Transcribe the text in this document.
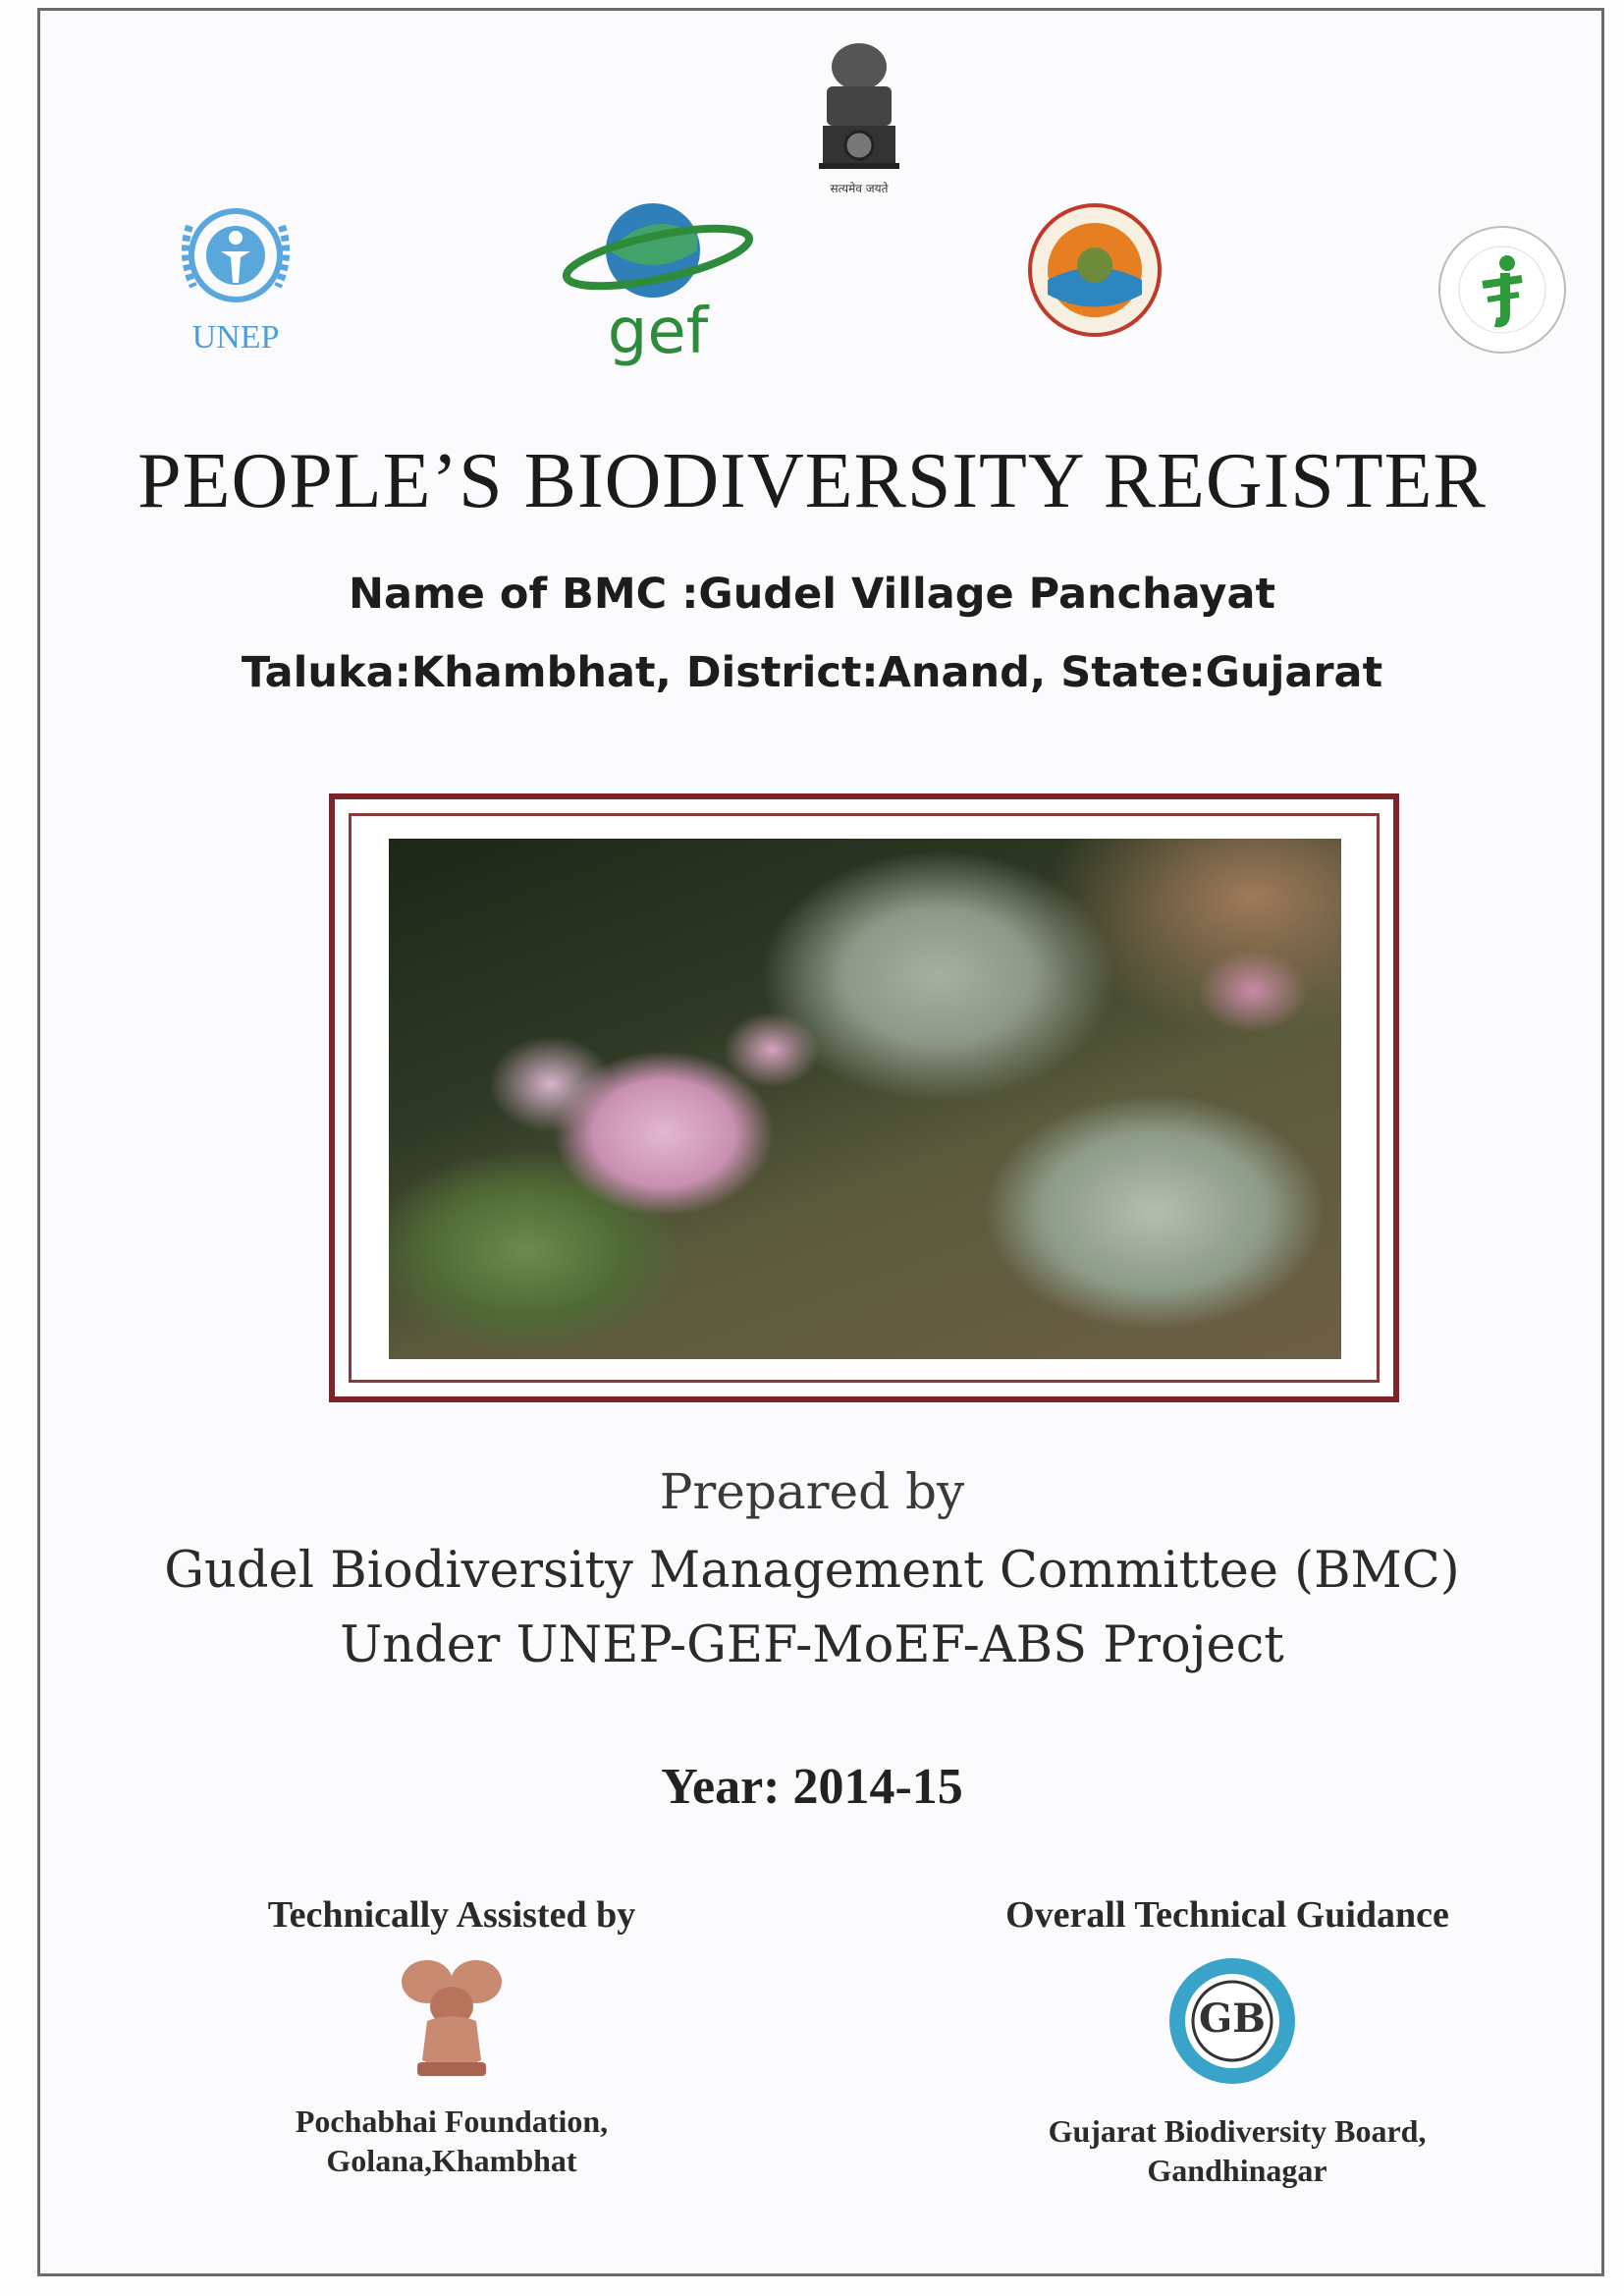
सत्यमेव जयते
UNEP	gef
PEOPLE’S BIODIVERSITY REGISTER
Name of BMC :Gudel Village Panchayat
Taluka:Khambhat, District:Anand, State:Gujarat
Prepared by
Gudel Biodiversity Management Committee (BMC)
Under UNEP-GEF-MoEF-ABS Project
Year: 2014-15
Technically Assisted by	Overall Technical Guidance
GB
Pochabhai Foundation,
Golana,Khambhat
Gujarat Biodiversity Board,
Gandhinagar
